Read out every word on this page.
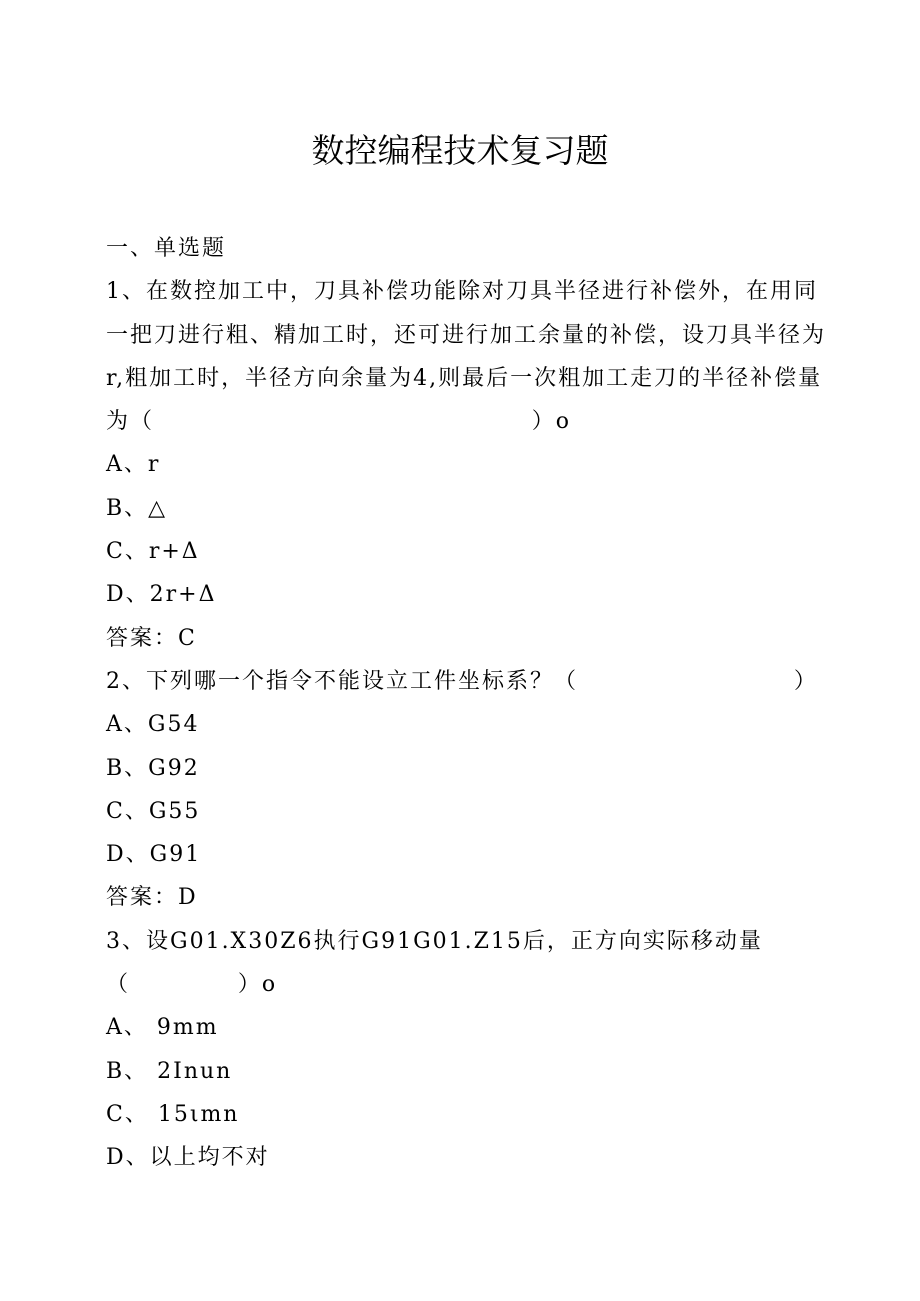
数控编程技术复习题
一、单选题
1、在数控加工中，刀具补偿功能除对刀具半径进行补偿外，在用同
一把刀进行粗、精加工时，还可进行加工余量的补偿，设刀具半径为
r,粗加工时，半径方向余量为4,则最后一次粗加工走刀的半径补偿量
为（                                          ）o
A、r
B、△
C、r+Δ
D、2r+Δ
答案：C
2、下列哪一个指令不能设立工件坐标系？（                        ）
A、G54
B、G92
C、G55
D、G91
答案：D
3、设G01.X30Z6执行G91G01.Z15后，正方向实际移动量
（            ）o
A、 9mm
B、 2Inun
C、 15ιmn
D、以上均不对
